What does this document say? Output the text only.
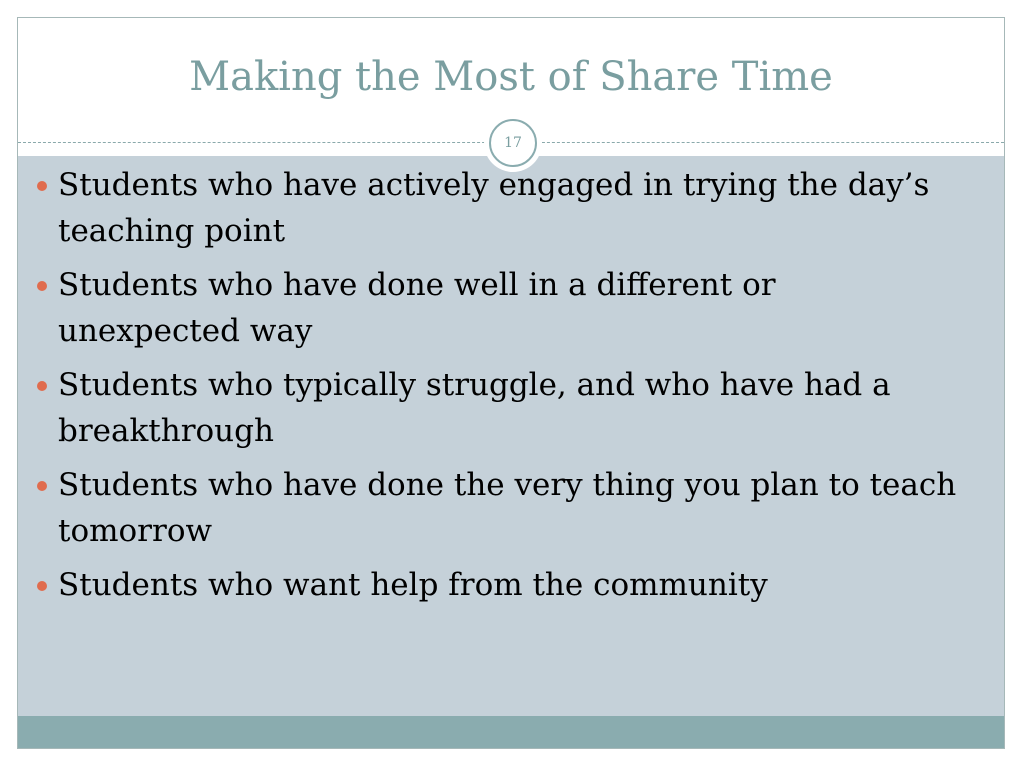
Making the Most of Share Time
17
Students who have actively engaged in trying the day’s teaching point
Students who have done well in a different or unexpected way
Students who typically struggle, and who have had a breakthrough
Students who have done the very thing you plan to teach tomorrow
Students who want help from the community
